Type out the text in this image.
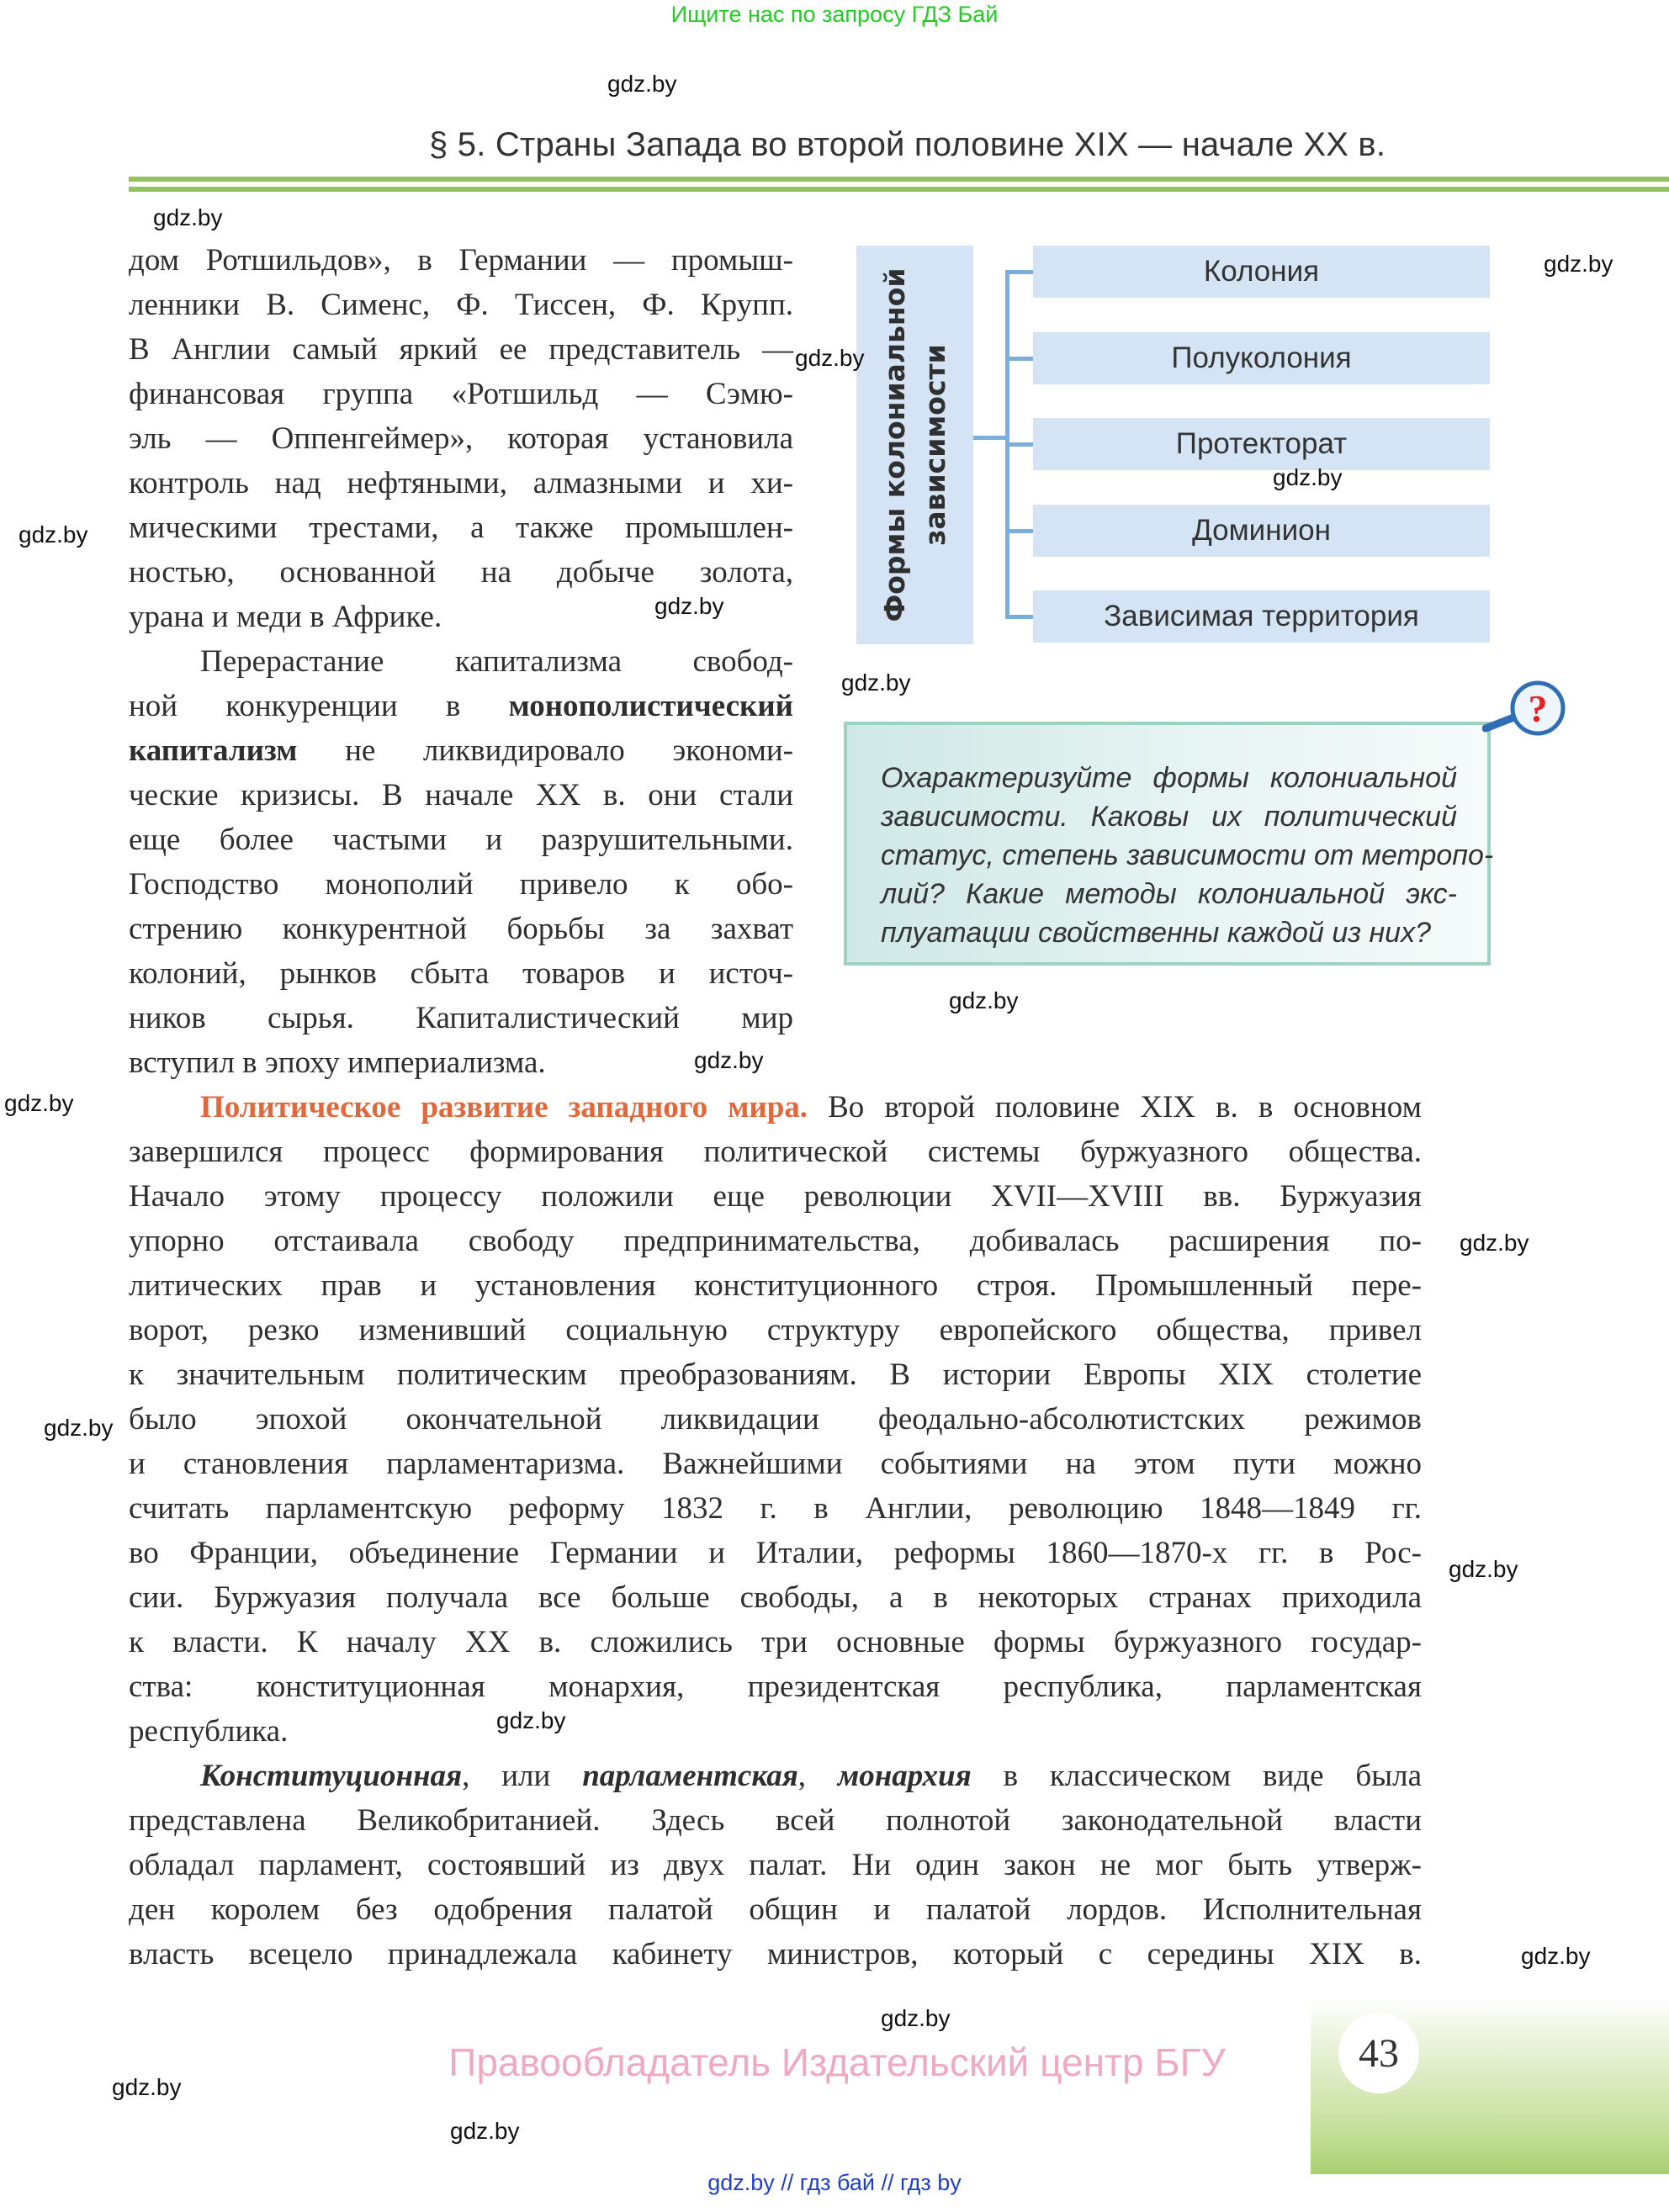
Ищите нас по запросу ГДЗ Бай
§ 5. Страны Запада во второй половине XIX — начале XX в.
дом Ротшильдов», в Германии — промыш-
ленники В. Сименс, Ф. Тиссен, Ф. Крупп.
В Англии самый яркий ее представитель —
финансовая группа «Ротшильд — Сэмю-
эль — Оппенгеймер», которая установила
контроль над нефтяными, алмазными и хи-
мическими трестами, а также промышлен-
ностью, основанной на добыче золота,
урана и меди в Африке.
Перерастание капитализма свобод-
ной конкуренции в монополистический
капитализм не ликвидировало экономи-
ческие кризисы. В начале XX в. они стали
еще более частыми и разрушительными.
Господство монополий привело к обо-
стрению конкурентной борьбы за захват
колоний, рынков сбыта товаров и источ-
ников сырья. Капиталистический мир
вступил в эпоху империализма.
Формы колониальной зависимости
Колония
Полуколония
Протекторат
Доминион
Зависимая территория
Охарактеризуйте формы колониальной
зависимости. Каковы их политический
статус, степень зависимости от метропо-
лий? Какие методы колониальной экс-
плуатации свойственны каждой из них?
?
Политическое развитие западного мира. Во второй половине XIX в. в основном
завершился процесс формирования политической системы буржуазного общества.
Начало этому процессу положили еще революции XVII—XVIII вв. Буржуазия
упорно отстаивала свободу предпринимательства, добивалась расширения по-
литических прав и установления конституционного строя. Промышленный пере-
ворот, резко изменивший социальную структуру европейского общества, привел
к значительным политическим преобразованиям. В истории Европы XIX столетие
было эпохой окончательной ликвидации феодально-абсолютистских режимов
и становления парламентаризма. Важнейшими событиями на этом пути можно
считать парламентскую реформу 1832 г. в Англии, революцию 1848—1849 гг.
во Франции, объединение Германии и Италии, реформы 1860—1870-х гг. в Рос-
сии. Буржуазия получала все больше свободы, а в некоторых странах приходила
к власти. К началу XX в. сложились три основные формы буржуазного государ-
ства: конституционная монархия, президентская республика, парламентская
республика.
Конституционная, или парламентская, монархия в классическом виде была
представлена Великобританией. Здесь всей полнотой законодательной власти
обладал парламент, состоявший из двух палат. Ни один закон не мог быть утверж-
ден королем без одобрения палатой общин и палатой лордов. Исполнительная
власть всецело принадлежала кабинету министров, который с середины XIX в.
43
Правообладатель Издательский центр БГУ
gdz.by // гдз бай // гдз by
gdz.by
gdz.by
gdz.by
gdz.by
gdz.by
gdz.by
gdz.by
gdz.by
gdz.by
gdz.by
gdz.by
gdz.by
gdz.by
gdz.by
gdz.by
gdz.by
gdz.by
gdz.by
gdz.by
